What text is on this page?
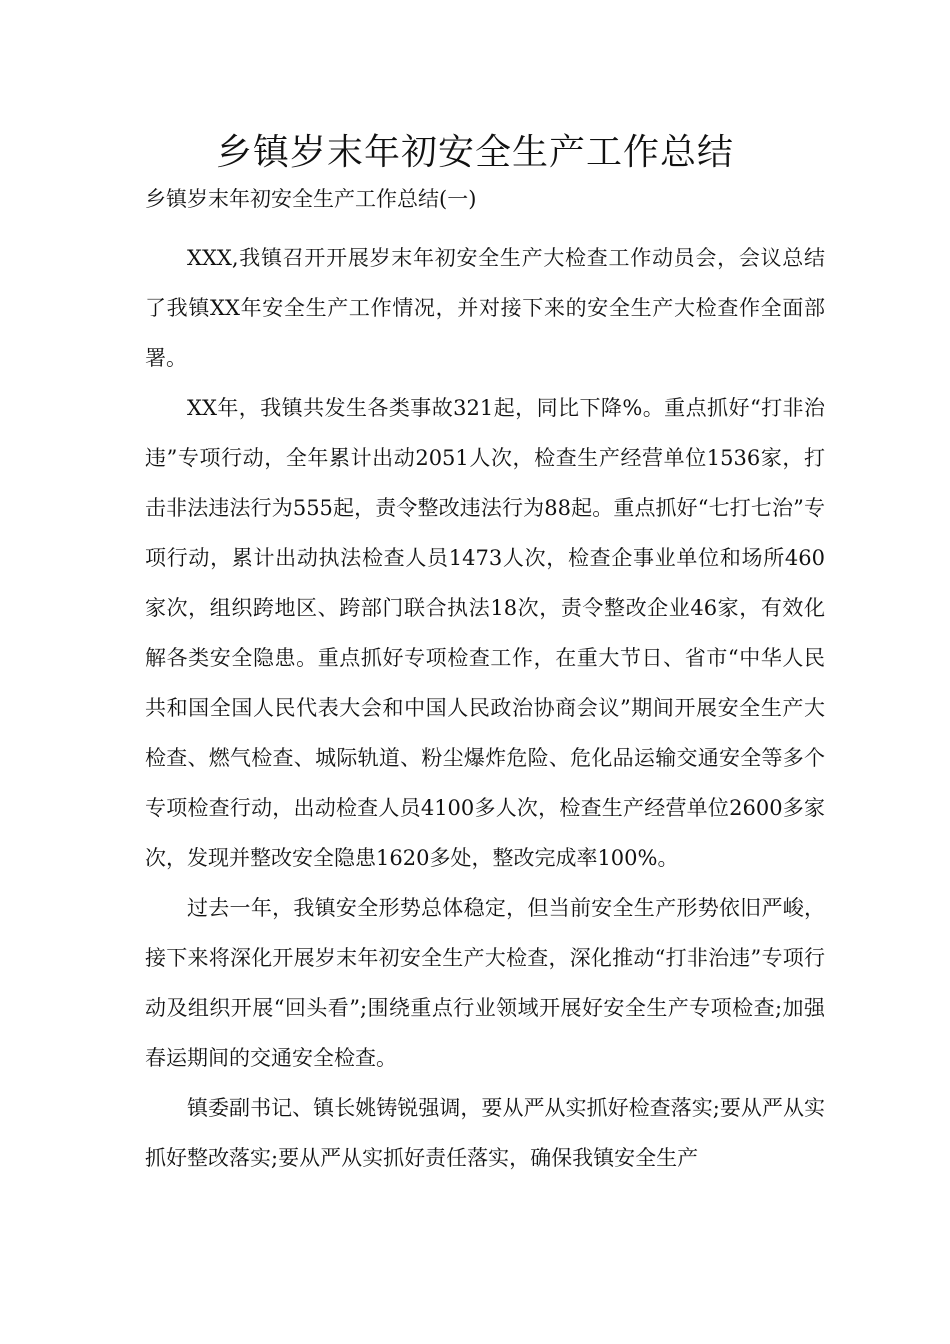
乡镇岁末年初安全生产工作总结
乡镇岁末年初安全生产工作总结(一)

XXX,我镇召开开展岁末年初安全生产大检查工作动员会，会议总结了我镇XX年安全生产工作情况，并对接下来的安全生产大检查作全面部署。

XX年，我镇共发生各类事故321起，同比下降%。重点抓好“打非治违”专项行动，全年累计出动2051人次，检查生产经营单位1536家，打击非法违法行为555起，责令整改违法行为88起。重点抓好“七打七治”专项行动，累计出动执法检查人员1473人次，检查企事业单位和场所460家次，组织跨地区、跨部门联合执法18次，责令整改企业46家，有效化解各类安全隐患。重点抓好专项检查工作，在重大节日、省市“中华人民共和国全国人民代表大会和中国人民政治协商会议”期间开展安全生产大检查、燃气检查、城际轨道、粉尘爆炸危险、危化品运输交通安全等多个专项检查行动，出动检查人员4100多人次，检查生产经营单位2600多家次，发现并整改安全隐患1620多处，整改完成率100%。

过去一年，我镇安全形势总体稳定，但当前安全生产形势依旧严峻，接下来将深化开展岁末年初安全生产大检查，深化推动“打非治违”专项行动及组织开展“回头看”;围绕重点行业领域开展好安全生产专项检查;加强春运期间的交通安全检查。

镇委副书记、镇长姚铸锐强调，要从严从实抓好检查落实;要从严从实抓好整改落实;要从严从实抓好责任落实，确保我镇安全生产
